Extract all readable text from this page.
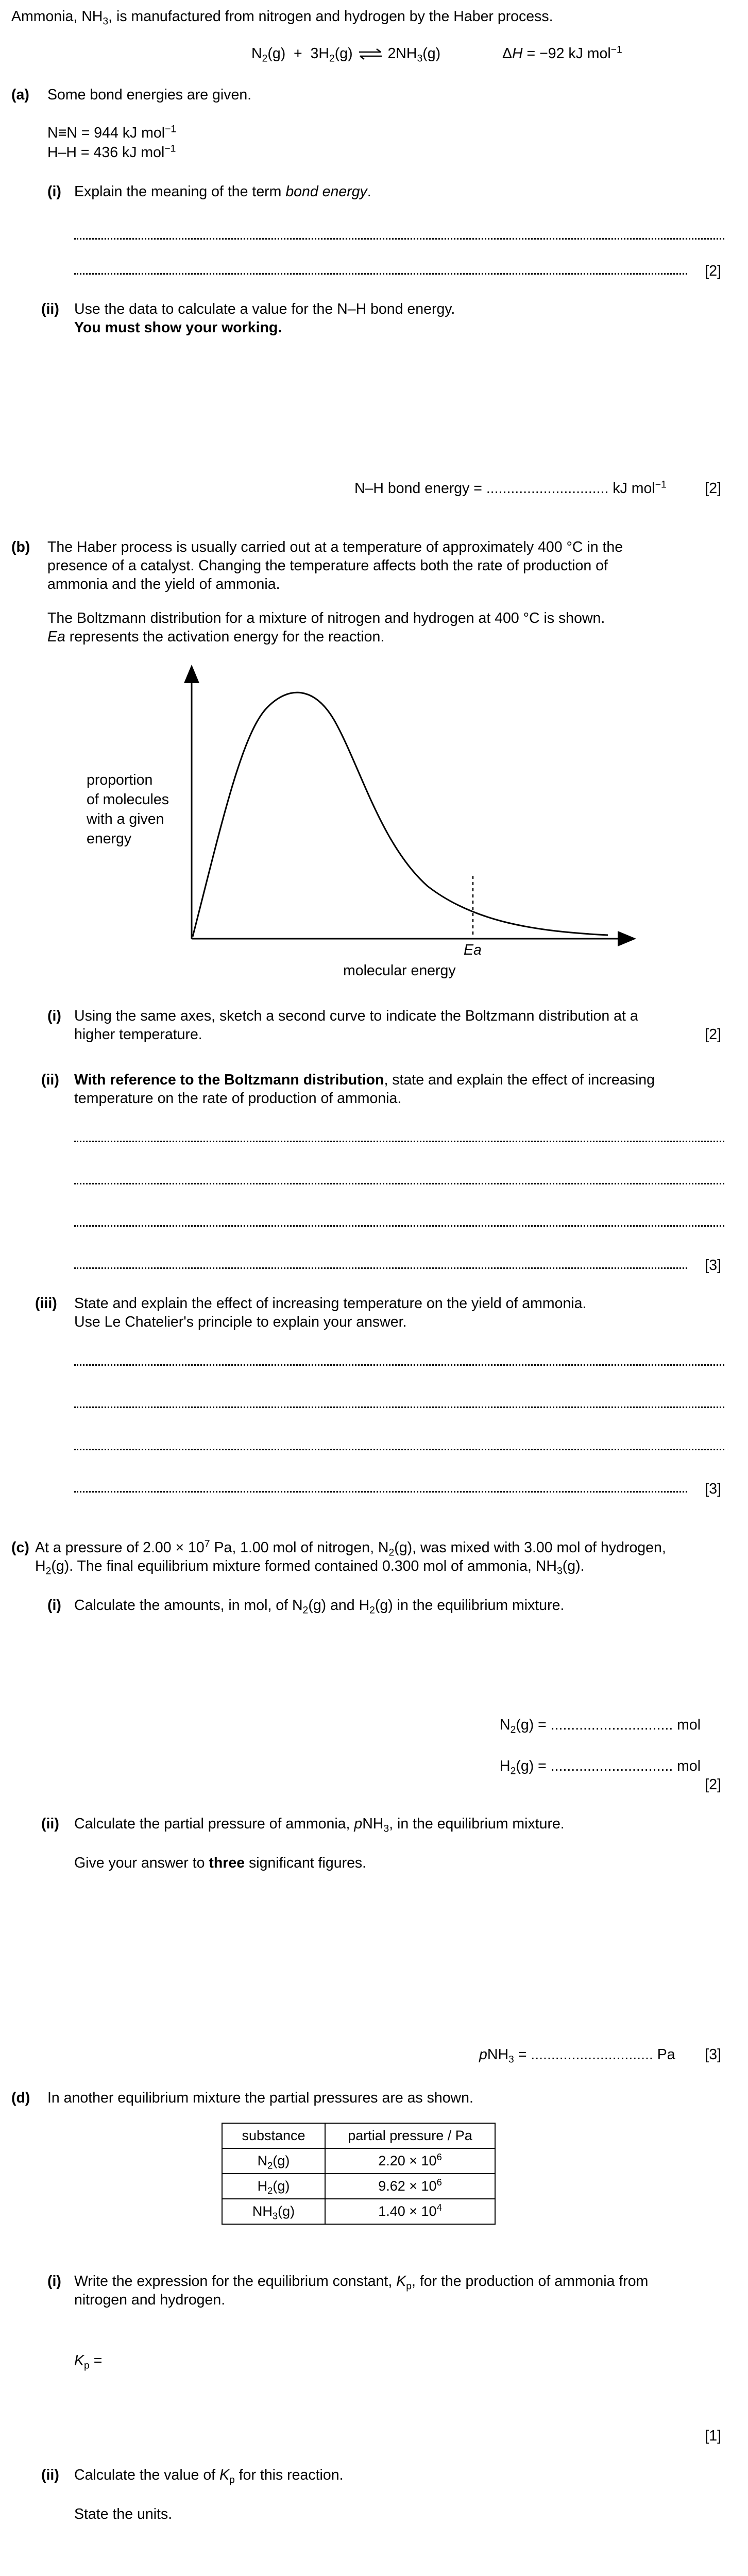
Ammonia, $NH_3$, is manufactured from nitrogen and hydrogen by the Haber process.
$N_2(g) + 3H_2(g)$ ⇌ $2NH_3(g)$	ΔH = −92 kJ mol$^{-1}$
(a) Some bond energies are given.
N≡N = 944 kJ mol$^{-1}$
H–H = 436 kJ mol$^{-1}$
(i) Explain the meaning of the term bond energy.
[2]
(ii) Use the data to calculate a value for the N–H bond energy.
You must show your working.
N–H bond energy = .............................. kJ mol$^{-1}$	[2]
(b) The Haber process is usually carried out at a temperature of approximately 400 °C in the
presence of a catalyst. Changing the temperature affects both the rate of production of
ammonia and the yield of ammonia.
The Boltzmann distribution for a mixture of nitrogen and hydrogen at 400 °C is shown.
Ea represents the activation energy for the reaction.
proportion
of molecules
with a given
energy
Ea
molecular energy
(i) Using the same axes, sketch a second curve to indicate the Boltzmann distribution at a
higher temperature.	[2]
(ii) With reference to the Boltzmann distribution, state and explain the effect of increasing
temperature on the rate of production of ammonia.
[3]
(iii) State and explain the effect of increasing temperature on the yield of ammonia.
Use Le Chatelier's principle to explain your answer.
[3]
(c) At a pressure of $2.00 \times 10^7$ Pa, 1.00 mol of nitrogen, $N_2(g)$, was mixed with 3.00 mol of hydrogen,
$H_2(g)$. The final equilibrium mixture formed contained 0.300 mol of ammonia, $NH_3(g)$.
(i) Calculate the amounts, in mol, of $N_2(g)$ and $H_2(g)$ in the equilibrium mixture.
$N_2(g)$ = .............................. mol
$H_2(g)$ = .............................. mol
[2]
(ii) Calculate the partial pressure of ammonia, pNH$_3$, in the equilibrium mixture.
Give your answer to three significant figures.
pNH$_3$ = .............................. Pa [3]
(d) In another equilibrium mixture the partial pressures are as shown.
substance	partial pressure / Pa
$N_2(g)$	$2.20 \times 10^6$
$H_2(g)$	$9.62 \times 10^6$
$NH_3(g)$	$1.40 \times 10^4$
(i) Write the expression for the equilibrium constant, $K_p$, for the production of ammonia from
nitrogen and hydrogen.
$K_p$ =
[1]
(ii) Calculate the value of $K_p$ for this reaction.
State the units.
